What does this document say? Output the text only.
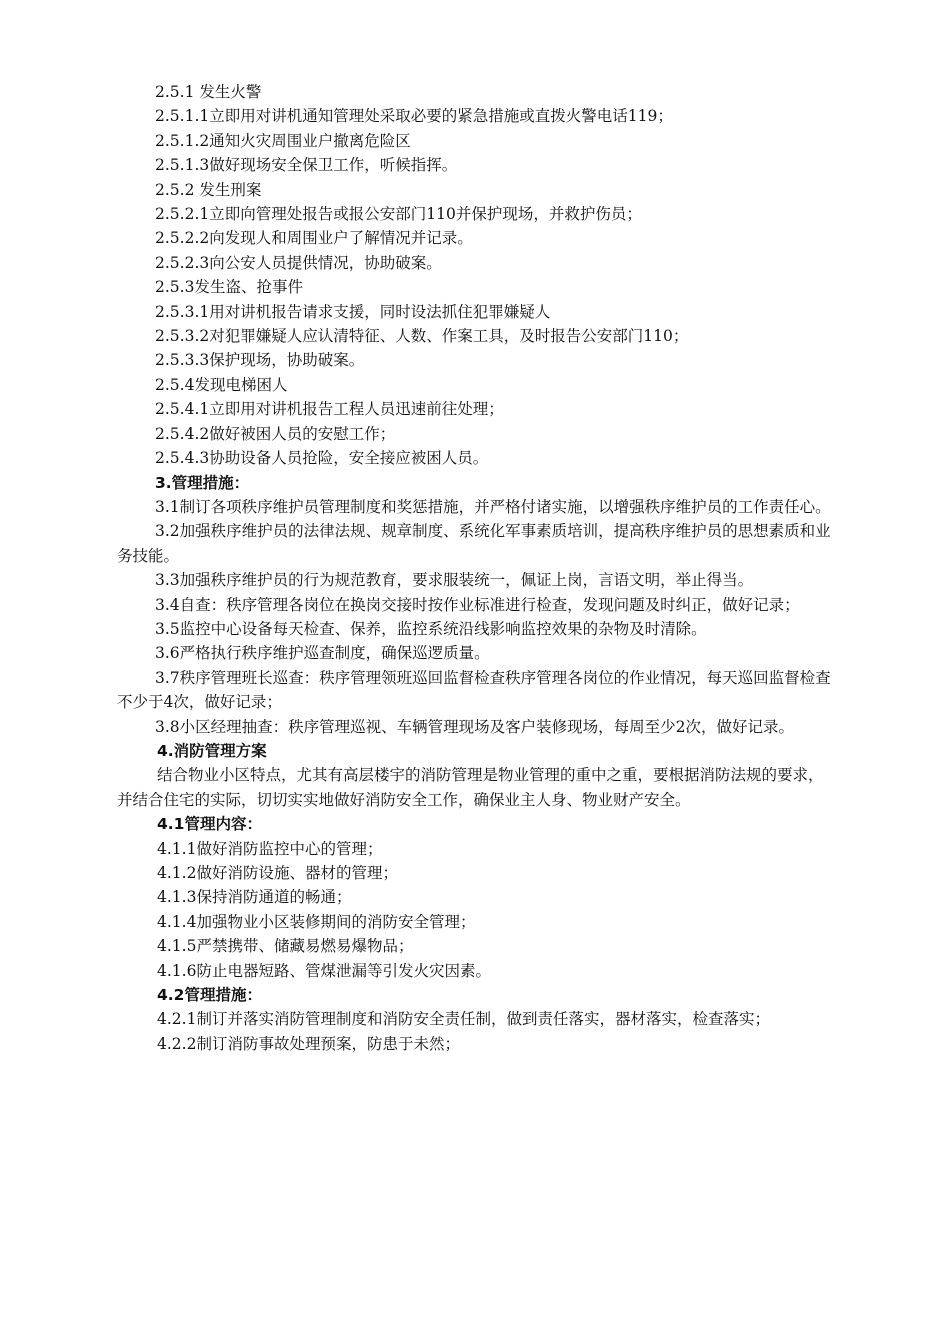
2.5.1 发生火警
2.5.1.1立即用对讲机通知管理处采取必要的紧急措施或直拨火警电话119；
2.5.1.2通知火灾周围业户撤离危险区
2.5.1.3做好现场安全保卫工作，听候指挥。
2.5.2 发生刑案
2.5.2.1立即向管理处报告或报公安部门110并保护现场，并救护伤员；
2.5.2.2向发现人和周围业户了解情况并记录。
2.5.2.3向公安人员提供情况，协助破案。
2.5.3发生盗、抢事件
2.5.3.1用对讲机报告请求支援，同时设法抓住犯罪嫌疑人
2.5.3.2对犯罪嫌疑人应认清特征、人数、作案工具，及时报告公安部门110；
2.5.3.3保护现场，协助破案。
2.5.4发现电梯困人
2.5.4.1立即用对讲机报告工程人员迅速前往处理；
2.5.4.2做好被困人员的安慰工作；
2.5.4.3协助设备人员抢险，安全接应被困人员。
3.管理措施：
3.1制订各项秩序维护员管理制度和奖惩措施，并严格付诸实施，以增强秩序维护员的工作责任心。
3.2加强秩序维护员的法律法规、规章制度、系统化军事素质培训，提高秩序维护员的思想素质和业务技能。
3.3加强秩序维护员的行为规范教育，要求服装统一，佩证上岗，言语文明，举止得当。
3.4自查：秩序管理各岗位在换岗交接时按作业标准进行检查，发现问题及时纠正，做好记录；
3.5监控中心设备每天检查、保养，监控系统沿线影响监控效果的杂物及时清除。
3.6严格执行秩序维护巡查制度，确保巡逻质量。
3.7秩序管理班长巡查：秩序管理领班巡回监督检查秩序管理各岗位的作业情况，每天巡回监督检查不少于4次，做好记录；
3.8小区经理抽查：秩序管理巡视、车辆管理现场及客户装修现场，每周至少2次，做好记录。
4.消防管理方案
结合物业小区特点，尤其有高层楼宇的消防管理是物业管理的重中之重，要根据消防法规的要求，并结合住宅的实际，切切实实地做好消防安全工作，确保业主人身、物业财产安全。
4.1管理内容：
4.1.1做好消防监控中心的管理；
4.1.2做好消防设施、器材的管理；
4.1.3保持消防通道的畅通；
4.1.4加强物业小区装修期间的消防安全管理；
4.1.5严禁携带、储藏易燃易爆物品；
4.1.6防止电器短路、管煤泄漏等引发火灾因素。
4.2管理措施：
4.2.1制订并落实消防管理制度和消防安全责任制，做到责任落实，器材落实，检查落实；
4.2.2制订消防事故处理预案，防患于未然；
